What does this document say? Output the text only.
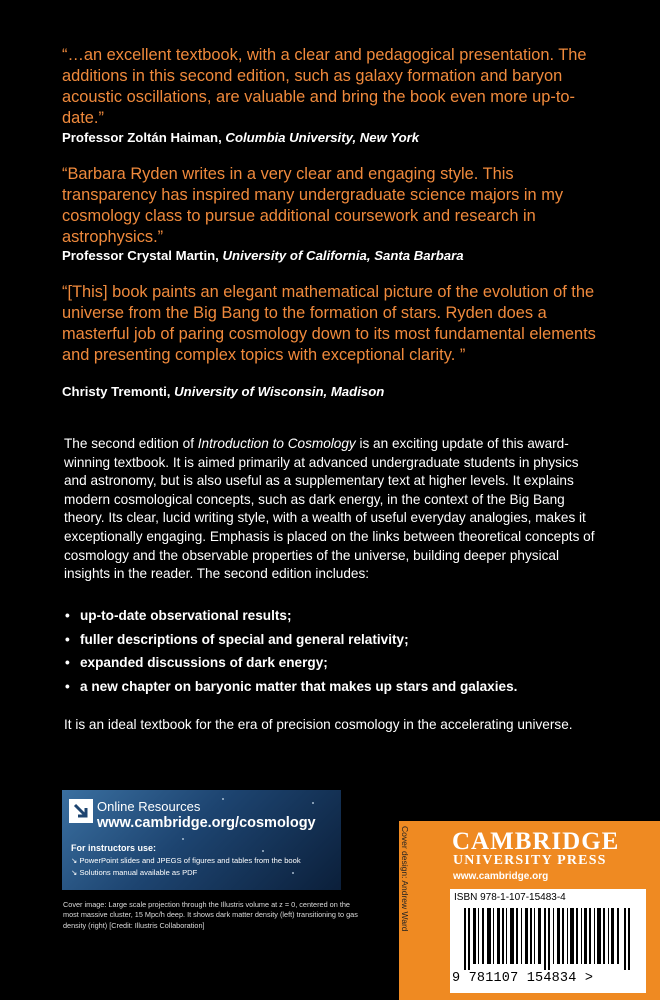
“…an excellent textbook, with a clear and pedagogical presentation. The additions in this second edition, such as galaxy formation and baryon acoustic oscillations, are valuable and bring the book even more up-to-date.”

Professor Zoltán Haiman, Columbia University, New York

“Barbara Ryden writes in a very clear and engaging style. This transparency has inspired many undergraduate science majors in my cosmology class to pursue additional coursework and research in astrophysics.”

Professor Crystal Martin, University of California, Santa Barbara

“[This] book paints an elegant mathematical picture of the evolution of the universe from the Big Bang to the formation of stars. Ryden does a masterful job of paring cosmology down to its most fundamental elements and presenting complex topics with exceptional clarity. ”

Christy Tremonti, University of Wisconsin, Madison

The second edition of Introduction to Cosmology is an exciting update of this award-winning textbook. It is aimed primarily at advanced undergraduate students in physics and astronomy, but is also useful as a supplementary text at higher levels. It explains modern cosmological concepts, such as dark energy, in the context of the Big Bang theory. Its clear, lucid writing style, with a wealth of useful everyday analogies, makes it exceptionally engaging. Emphasis is placed on the links between theoretical concepts of cosmology and the observable properties of the universe, building deeper physical insights in the reader. The second edition includes:

• up-to-date observational results;
• fuller descriptions of special and general relativity;
• expanded discussions of dark energy;
• a new chapter on baryonic matter that makes up stars and galaxies.

It is an ideal textbook for the era of precision cosmology in the accelerating universe.

Online Resources
www.cambridge.org/cosmology
For instructors use:
↘ PowerPoint slides and JPEGS of figures and tables from the book
↘ Solutions manual available as PDF

Cover image: Large scale projection through the Illustris volume at z = 0, centered on the most massive cluster, 15 Mpc/h deep. It shows dark matter density (left) transitioning to gas density (right) [Credit: Illustris Collaboration]	Cover design: Andrew Ward CAMBRIDGE
UNIVERSITY PRESS
www.cambridge.org
ISBN 978-1-107-15483-4
9 781107 154834 >
